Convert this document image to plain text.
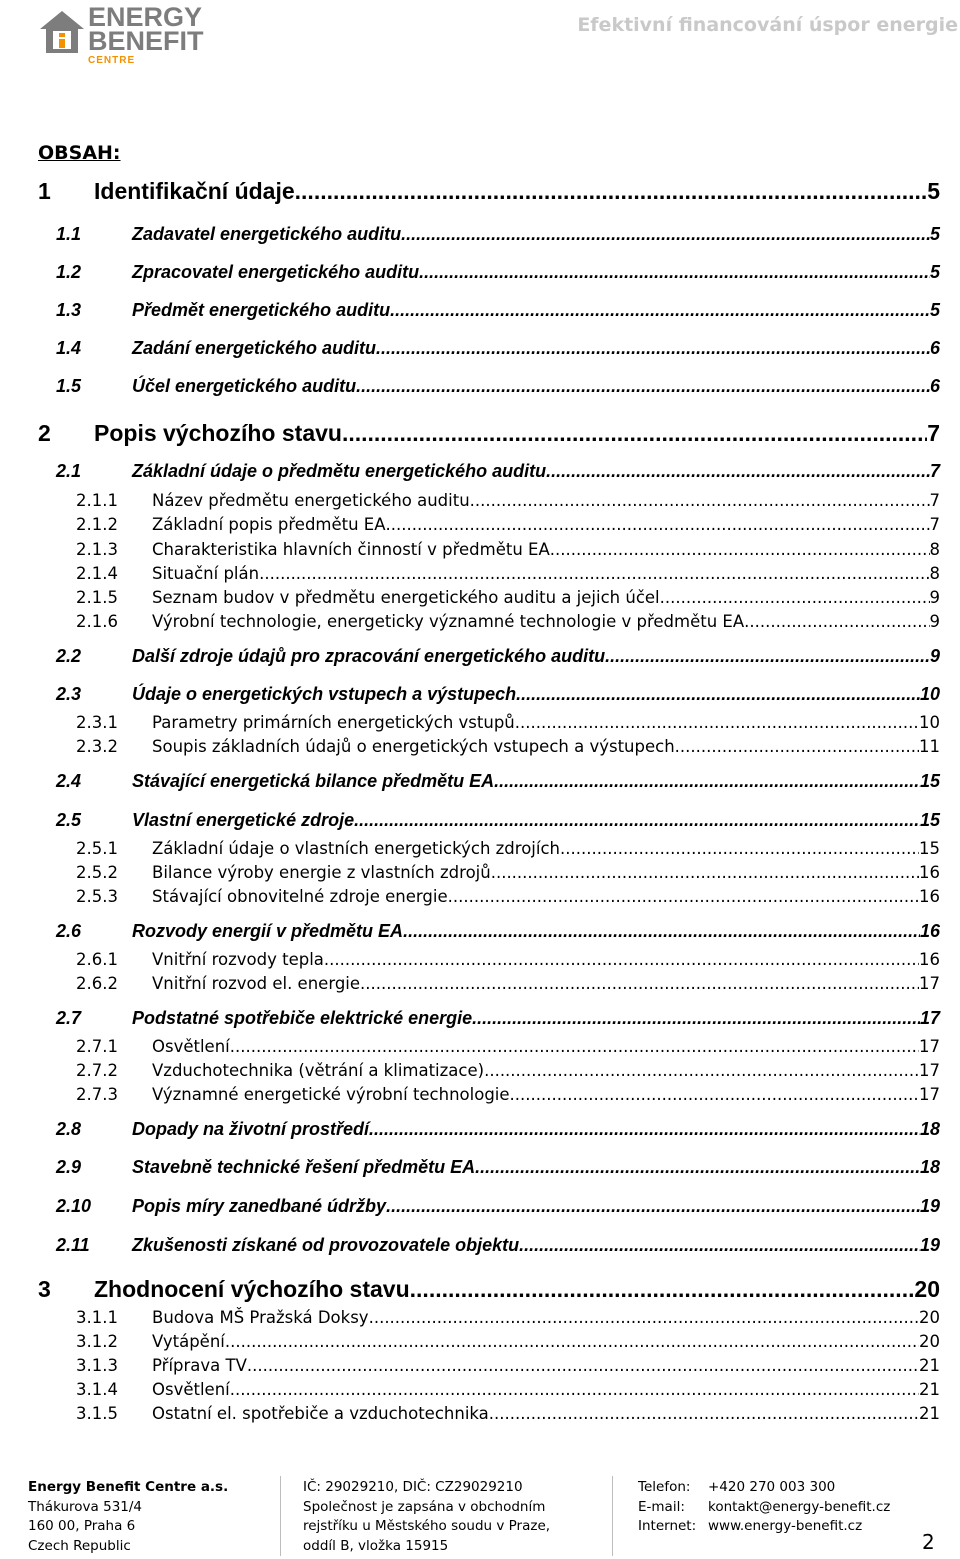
ENERGY
BENEFIT
CENTRE
Efektivní financování úspor energie
OBSAH:
1	Identifikační údaje .....	5
1.1	Zadavatel energetického auditu .....	5
1.2	Zpracovatel energetického auditu .....	5
1.3	Předmět energetického auditu .....	5
1.4	Zadání energetického auditu .....	6
1.5	Účel energetického auditu .....	6
2	Popis výchozího stavu .....	7
2.1	Základní údaje o předmětu energetického auditu .....	7
2.1.1	Název předmětu energetického auditu .....	7
2.1.2	Základní popis předmětu EA .....	7
2.1.3	Charakteristika hlavních činností v předmětu EA .....	8
2.1.4	Situační plán .....	8
2.1.5	Seznam budov v předmětu energetického auditu a jejich účel .....	9
2.1.6	Výrobní technologie, energeticky významné technologie v předmětu EA .....	9
2.2	Další zdroje údajů pro zpracování energetického auditu .....	9
2.3	Údaje o energetických vstupech a výstupech .....	10
2.3.1	Parametry primárních energetických vstupů .....	10
2.3.2	Soupis základních údajů o energetických vstupech a výstupech .....	11
2.4	Stávající energetická bilance předmětu EA .....	15
2.5	Vlastní energetické zdroje .....	15
2.5.1	Základní údaje o vlastních energetických zdrojích .....	15
2.5.2	Bilance výroby energie z vlastních zdrojů .....	16
2.5.3	Stávající obnovitelné zdroje energie .....	16
2.6	Rozvody energií v předmětu EA .....	16
2.6.1	Vnitřní rozvody tepla .....	16
2.6.2	Vnitřní rozvod el. energie .....	17
2.7	Podstatné spotřebiče elektrické energie .....	17
2.7.1	Osvětlení .....	17
2.7.2	Vzduchotechnika (větrání a klimatizace) .....	17
2.7.3	Významné energetické výrobní technologie .....	17
2.8	Dopady na životní prostředí .....	18
2.9	Stavebně technické řešení předmětu EA .....	18
2.10	Popis míry zanedbané údržby .....	19
2.11	Zkušenosti získané od provozovatele objektu .....	19
3	Zhodnocení výchozího stavu .....	20
3.1.1	Budova MŠ Pražská Doksy .....	20
3.1.2	Vytápění .....	20
3.1.3	Příprava TV .....	21
3.1.4	Osvětlení .....	21
3.1.5	Ostatní el. spotřebiče a vzduchotechnika .....	21
Energy Benefit Centre a.s.
Thákurova 531/4
160 00, Praha 6
Czech Republic
IČ: 29029210, DIČ: CZ29029210
Společnost je zapsána v obchodním
rejstříku u Městského soudu v Praze,
oddíl B, vložka 15915
Telefon: +420 270 003 300
E-mail: kontakt@energy-benefit.cz
Internet: www.energy-benefit.cz
2
